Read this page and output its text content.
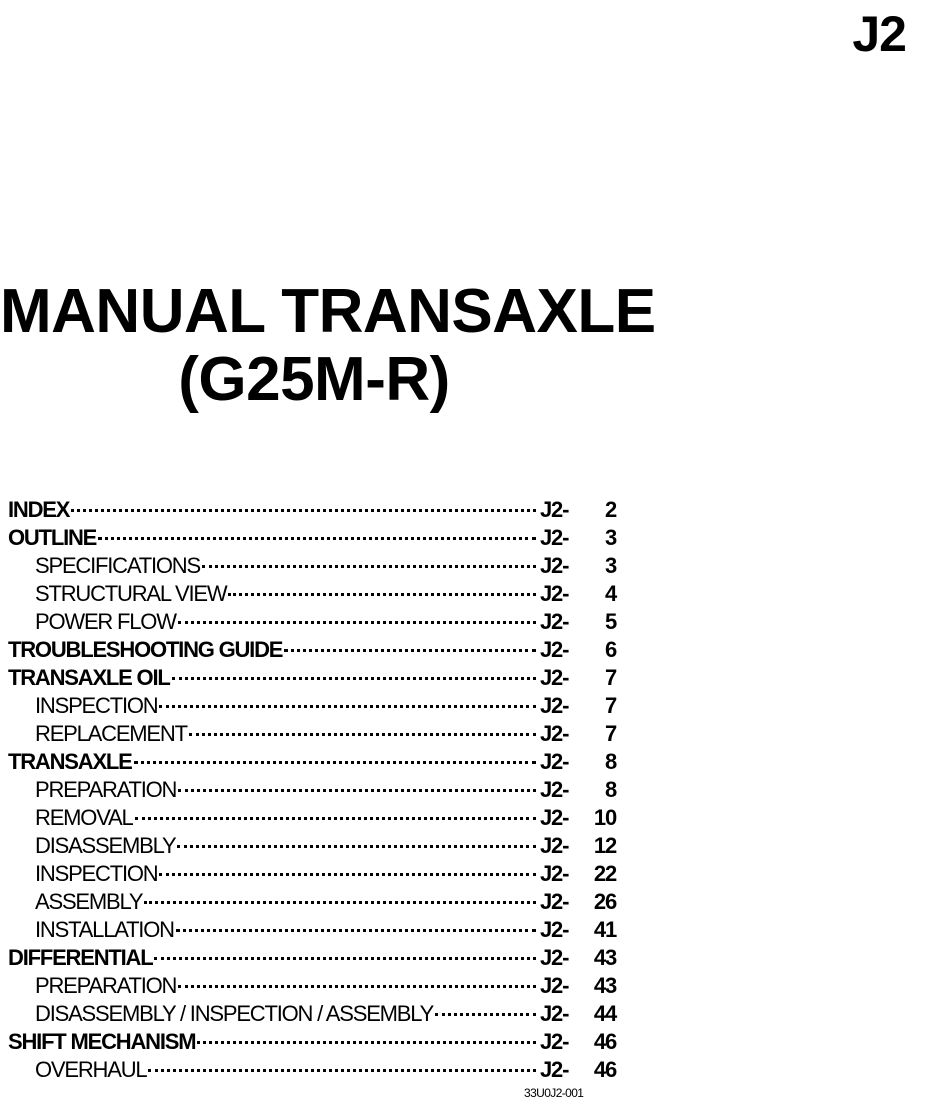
J2
MANUAL TRANSAXLE
(G25M-R)
INDEX	J2- 2
OUTLINE	J2- 3
SPECIFICATIONS	J2- 3
STRUCTURAL VIEW	J2- 4
POWER FLOW	J2- 5
TROUBLESHOOTING GUIDE	J2- 6
TRANSAXLE OIL	J2- 7
INSPECTION	J2- 7
REPLACEMENT	J2- 7
TRANSAXLE	J2- 8
PREPARATION	J2- 8
REMOVAL	J2- 10
DISASSEMBLY	J2- 12
INSPECTION	J2- 22
ASSEMBLY	J2- 26
INSTALLATION	J2- 41
DIFFERENTIAL	J2- 43
PREPARATION	J2- 43
DISASSEMBLY / INSPECTION / ASSEMBLY	J2- 44
SHIFT MECHANISM	J2- 46
OVERHAUL	J2- 46
33U0J2-001
